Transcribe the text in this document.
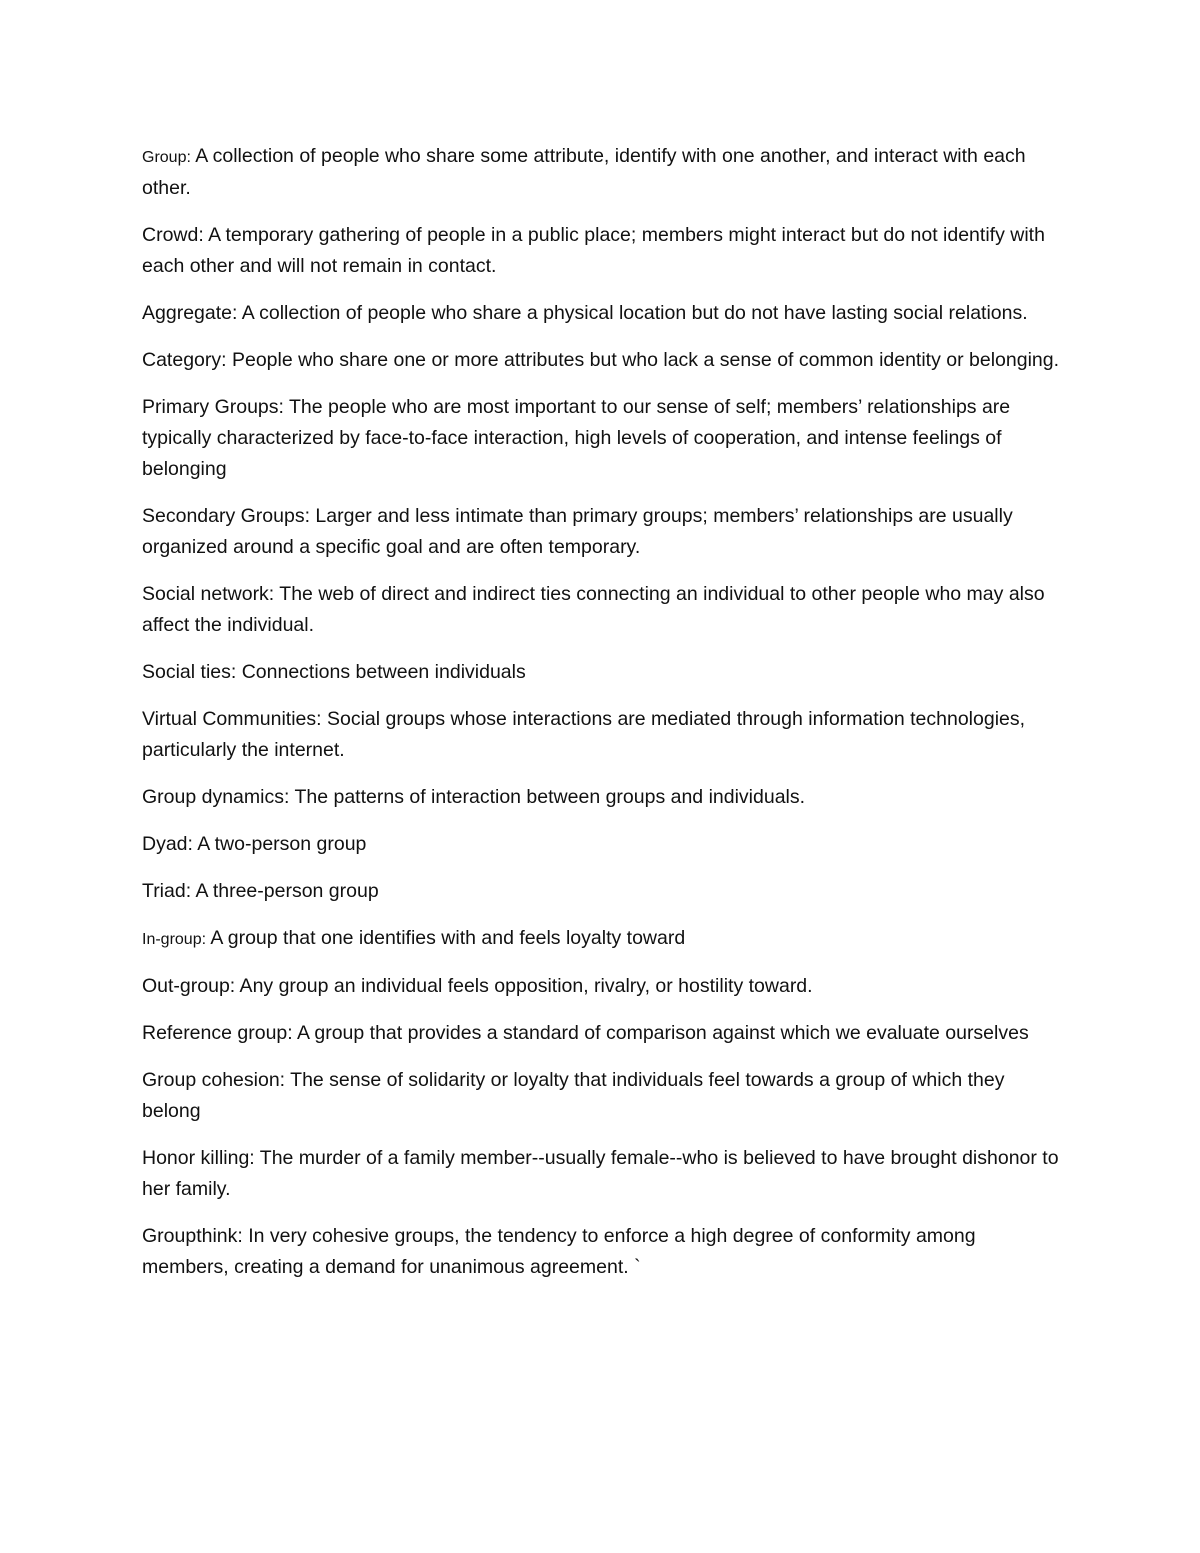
Group: A collection of people who share some attribute, identify with one another, and interact with each other.

Crowd: A temporary gathering of people in a public place; members might interact but do not identify with each other and will not remain in contact.

Aggregate: A collection of people who share a physical location but do not have lasting social relations.

Category: People who share one or more attributes but who lack a sense of common identity or belonging.

Primary Groups: The people who are most important to our sense of self; members’ relationships are typically characterized by face-to-face interaction, high levels of cooperation, and intense feelings of belonging

Secondary Groups: Larger and less intimate than primary groups; members’ relationships are usually organized around a specific goal and are often temporary.

Social network: The web of direct and indirect ties connecting an individual to other people who may also affect the individual.

Social ties: Connections between individuals

Virtual Communities: Social groups whose interactions are mediated through information technologies, particularly the internet.

Group dynamics: The patterns of interaction between groups and individuals.

Dyad: A two-person group

Triad: A three-person group

In-group: A group that one identifies with and feels loyalty toward

Out-group: Any group an individual feels opposition, rivalry, or hostility toward.

Reference group: A group that provides a standard of comparison against which we evaluate ourselves

Group cohesion: The sense of solidarity or loyalty that individuals feel towards a group of which they belong

Honor killing: The murder of a family member--usually female--who is believed to have brought dishonor to her family.

Groupthink: In very cohesive groups, the tendency to enforce a high degree of conformity among members, creating a demand for unanimous agreement. `
